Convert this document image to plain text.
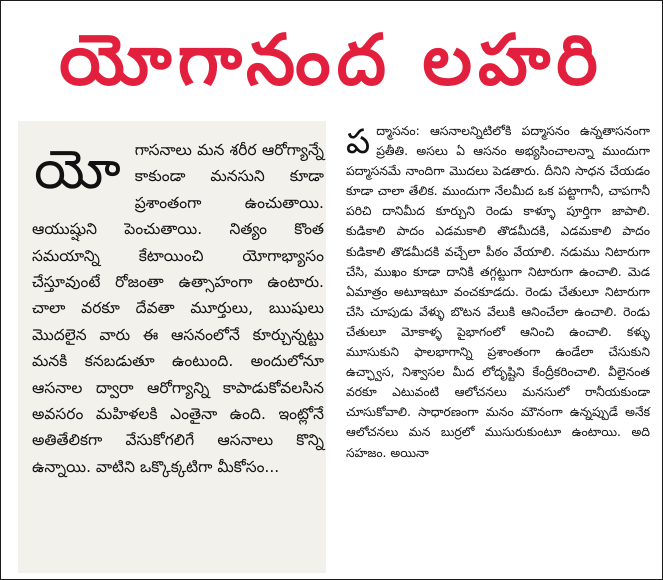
యోగానంద లహరి
యోగాసనాలు మన శరీర ఆరోగ్యాన్నే కాకుండా మనసుని కూడా ప్రశాంతంగా ఉంచుతాయి. ఆయుష్షుని పెంచుతాయి. నిత్యం కొంత సమయాన్ని కేటాయించి యోగాభ్యాసం చేస్తూవుంటే రోజంతా ఉత్సాహంగా ఉంటారు. చాలా వరకూ దేవతా మూర్తులు, ఋషులు మొదలైన వారు ఈ ఆసనంలోనే కూర్చున్నట్టు మనకి కనబడుతూ ఉంటుంది. అందులోనూ ఆసనాల ద్వారా ఆరోగ్యాన్ని కాపాడుకోవలసిన అవసరం మహిళలకి ఎంతైనా ఉంది. ఇంట్లోనే అతితేలికగా వేసుకోగలిగే ఆసనాలు కొన్ని ఉన్నాయి. వాటిని ఒక్కొక్కటిగా మీకోసం...
పద్మాసనం: ఆసనాలన్నిటిలోకి పద్మాసనం ఉన్నతాసనంగా ప్రతీతి. అసలు ఏ ఆసనం అభ్యసించాలన్నా ముందుగా పద్మాసనమే నాందిగా మొదలు పెడతారు. దీనిని సాధన చేయడం కూడా చాలా తేలిక. ముందుగా నేలమీద ఒక పట్టాగానీ, చాపగానీ పరిచి దానిమీద కూర్చుని రెండు కాళ్ళూ పూర్తిగా జాపాలి. కుడికాలి పాదం ఎడమకాలి తొడమీదకి, ఎడమకాలి పాదం కుడికాలి తొడమీదకి వచ్చేలా పీఠం వేయాలి. నడుము నిటారుగా చేసి, ముఖం కూడా దానికి తగ్గట్టుగా నిటారుగా ఉంచాలి. మెడ ఏమాత్రం అటూఇటూ వంచకూడదు. రెండు చేతులూ నిటారుగా చేసి చూపుడు వేళ్ళు బొటన వేలుకి ఆనించేలా ఉంచాలి. రెండు చేతులూ మోకాళ్ళ పైభాగంలో ఆనించి ఉంచాలి. కళ్ళు మూసుకుని ఫాలభాగాన్ని ప్రశాంతంగా ఉండేలా చేసుకుని ఉచ్ఛ్వాస, నిశ్వాసల మీద లోదృష్టిని కేంద్రీకరించాలి. వీలైనంత వరకూ ఎటువంటి ఆలోచనలు మనసులో రానీయకుండా చూసుకోవాలి. సాధారణంగా మనం మౌనంగా ఉన్నప్పుడే అనేక ఆలోచనలు మన బుర్రలో ముసురుకుంటూ ఉంటాయి. అది సహజం. అయినా
